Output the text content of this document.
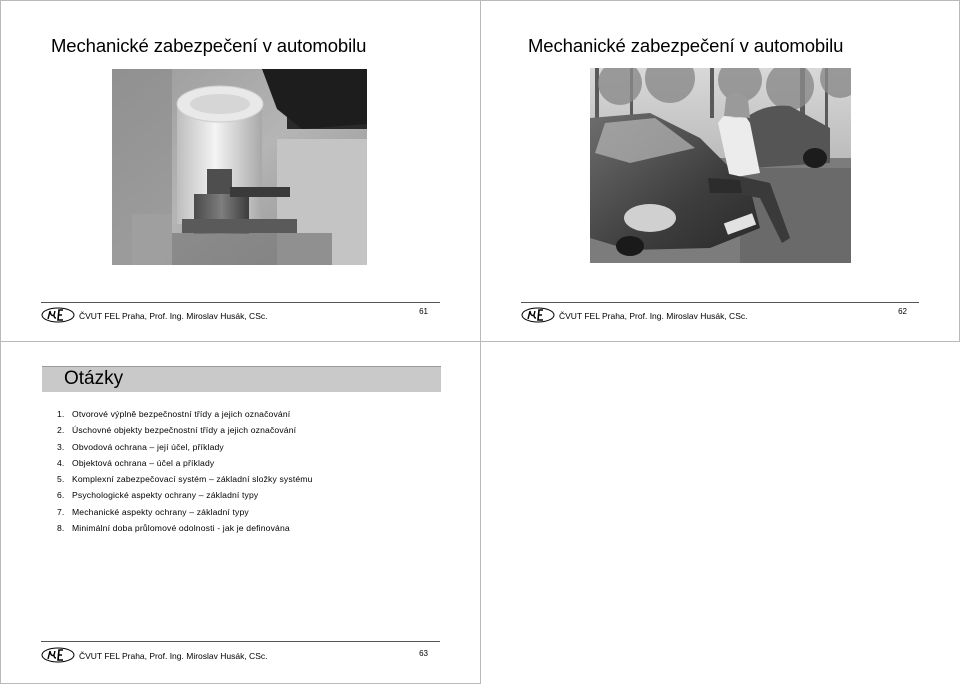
Mechanické zabezpečení v automobilu
ČVUT FEL Praha, Prof. Ing. Miroslav Husák, CSc.	61
Mechanické zabezpečení v automobilu
ČVUT FEL Praha, Prof. Ing. Miroslav Husák, CSc.	62
Otázky
1. Otvorové výplně bezpečnostní třídy a jejich označování
2. Úschovné objekty bezpečnostní třídy a jejich označování
3. Obvodová ochrana – její účel, příklady
4. Objektová ochrana – účel a příklady
5. Komplexní zabezpečovací systém – základní složky systému
6. Psychologické aspekty ochrany – základní typy
7. Mechanické aspekty ochrany – základní typy
8. Minimální doba průlomové odolnosti - jak je definována
ČVUT FEL Praha, Prof. Ing. Miroslav Husák, CSc.	63
